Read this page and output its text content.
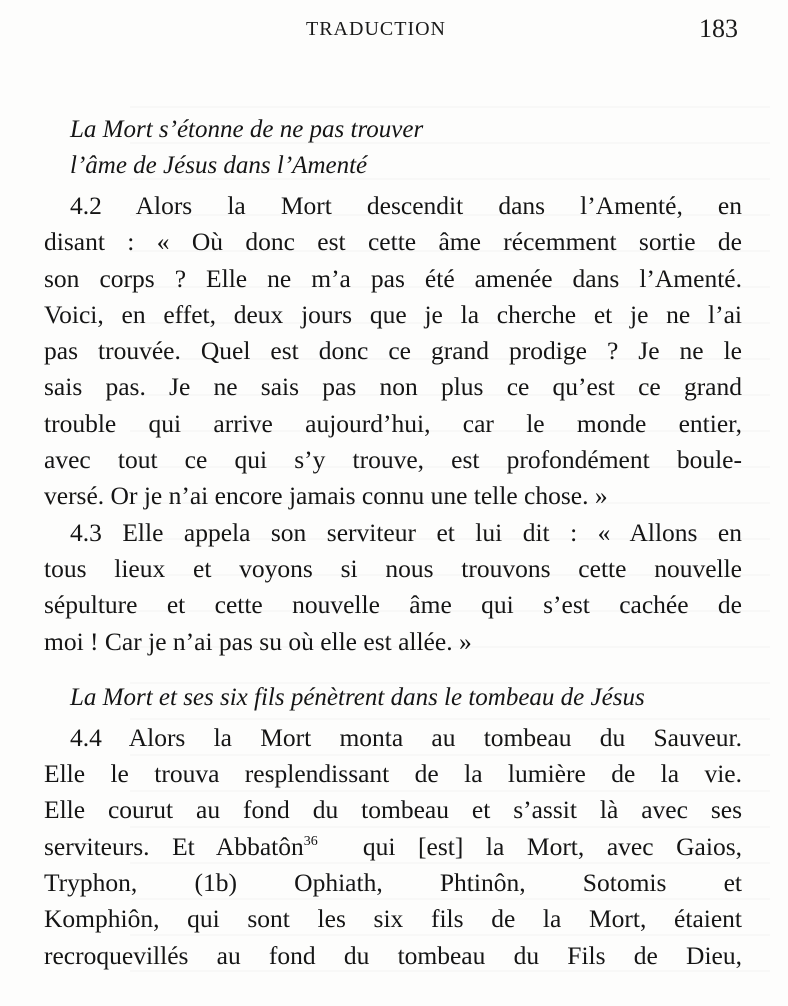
TRADUCTION	183
La Mort s’étonne de ne pas trouver
l’âme de Jésus dans l’Amenté
4.2 Alors la Mort descendit dans l’Amenté, en
disant : « Où donc est cette âme récemment sortie de
son corps ? Elle ne m’a pas été amenée dans l’Amenté.
Voici, en effet, deux jours que je la cherche et je ne l’ai
pas trouvée. Quel est donc ce grand prodige ? Je ne le
sais pas. Je ne sais pas non plus ce qu’est ce grand
trouble qui arrive aujourd’hui, car le monde entier,
avec tout ce qui s’y trouve, est profondément boule-
versé. Or je n’ai encore jamais connu une telle chose. »
4.3 Elle appela son serviteur et lui dit : « Allons en
tous lieux et voyons si nous trouvons cette nouvelle
sépulture et cette nouvelle âme qui s’est cachée de
moi ! Car je n’ai pas su où elle est allée. »
La Mort et ses six fils pénètrent dans le tombeau de Jésus
4.4 Alors la Mort monta au tombeau du Sauveur.
Elle le trouva resplendissant de la lumière de la vie.
Elle courut au fond du tombeau et s’assit là avec ses
serviteurs. Et Abbatôn$^{36}$  qui [est] la Mort, avec Gaios,
Tryphon, (1b) Ophiath, Phtinôn, Sotomis et
Komphiôn, qui sont les six fils de la Mort, étaient
recroquevillés au fond du tombeau du Fils de Dieu,
